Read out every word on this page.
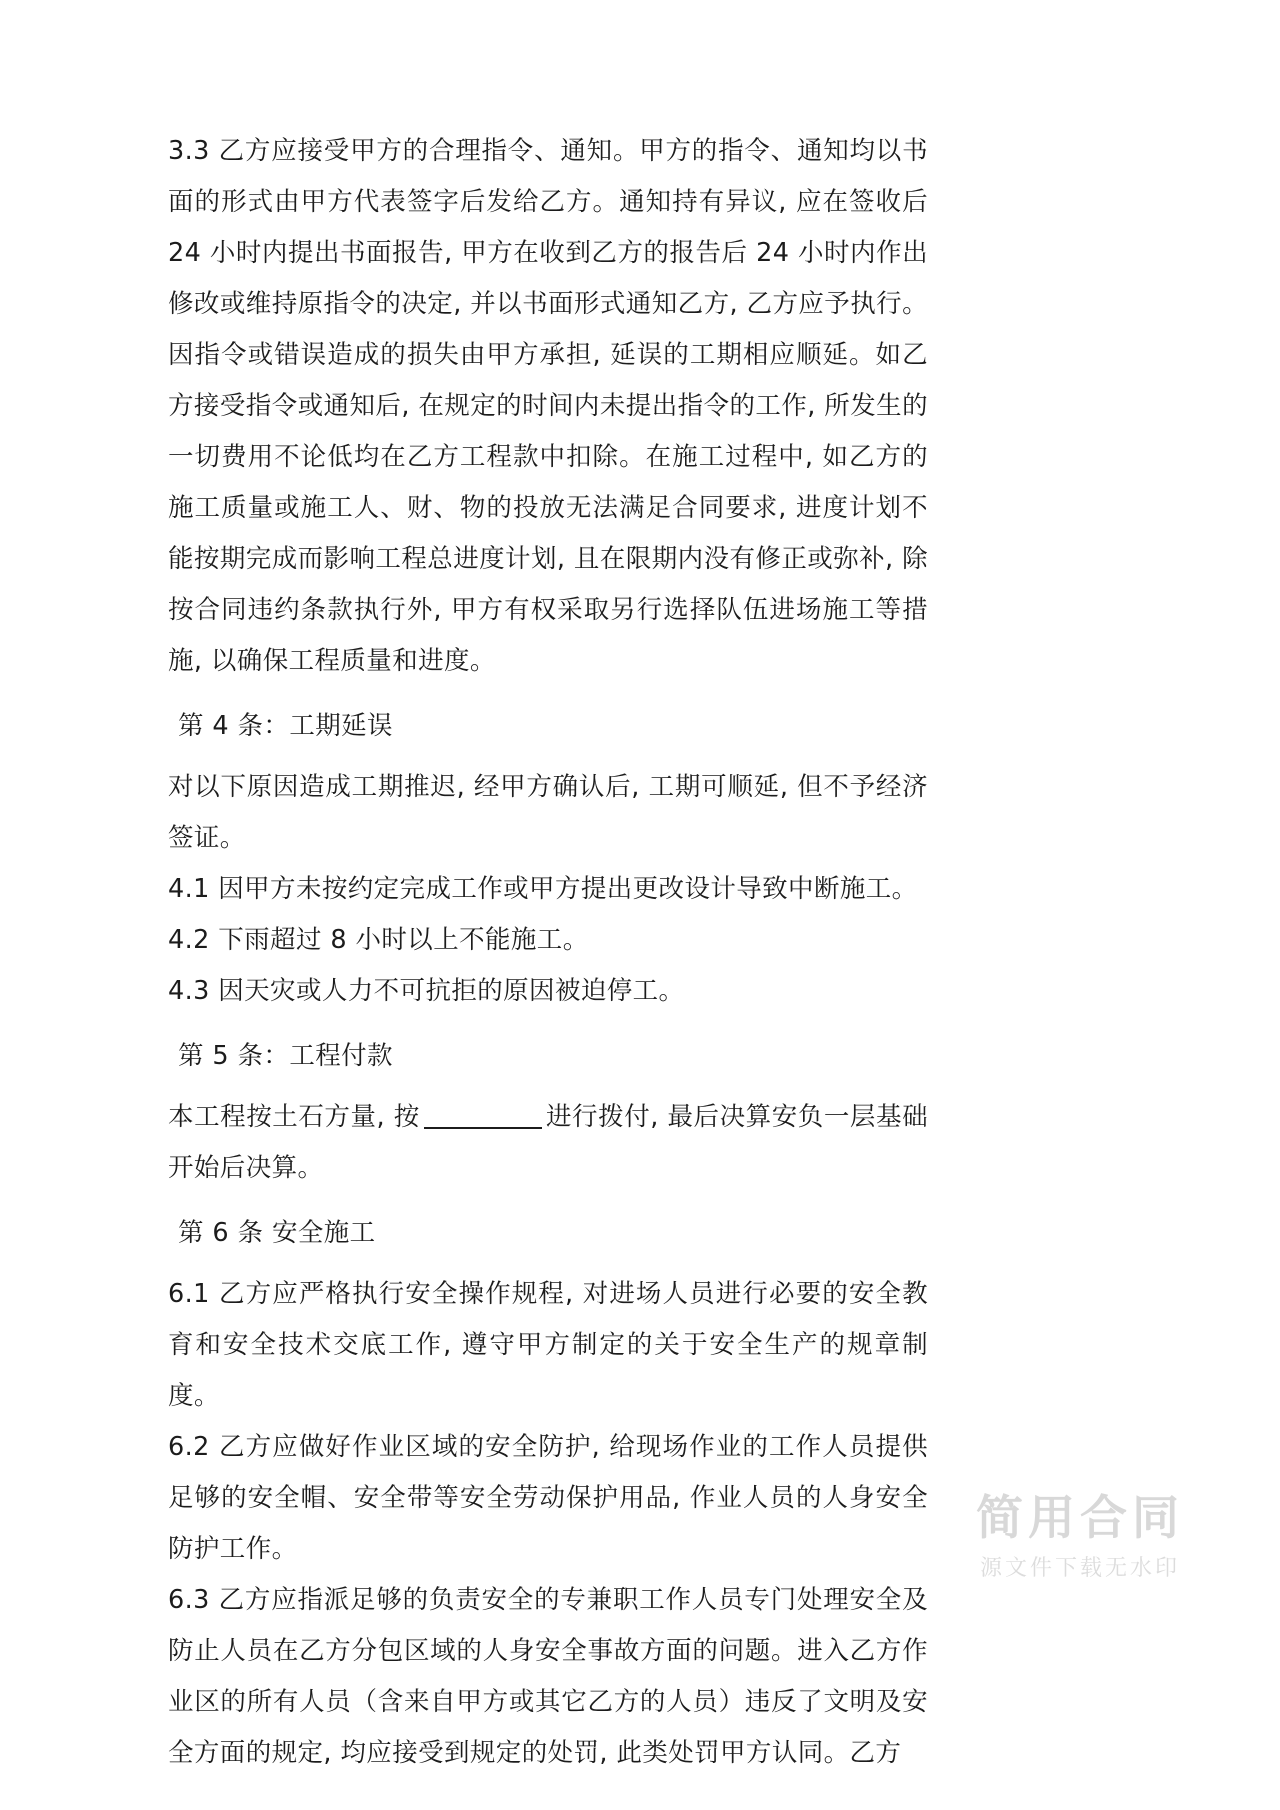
3.3 乙方应接受甲方的合理指令、通知。甲方的指令、通知均以书面的形式由甲方代表签字后发给乙方。通知持有异议, 应在签收后 24 小时内提出书面报告, 甲方在收到乙方的报告后 24 小时内作出修改或维持原指令的决定, 并以书面形式通知乙方, 乙方应予执行。因指令或错误造成的损失由甲方承担, 延误的工期相应顺延。如乙方接受指令或通知后, 在规定的时间内未提出指令的工作, 所发生的一切费用不论低均在乙方工程款中扣除。在施工过程中, 如乙方的施工质量或施工人、财、物的投放无法满足合同要求, 进度计划不能按期完成而影响工程总进度计划, 且在限期内没有修正或弥补, 除按合同违约条款执行外, 甲方有权采取另行选择队伍进场施工等措施, 以确保工程质量和进度。

第 4 条：工期延误

对以下原因造成工期推迟, 经甲方确认后, 工期可顺延, 但不予经济签证。

4.1 因甲方未按约定完成工作或甲方提出更改设计导致中断施工。

4.2 下雨超过 8 小时以上不能施工。

4.3 因天灾或人力不可抗拒的原因被迫停工。

第 5 条：工程付款

本工程按土石方量, 按	进行拨付, 最后决算安负一层基础开始后决算。

第 6 条 安全施工

6.1 乙方应严格执行安全操作规程, 对进场人员进行必要的安全教育和安全技术交底工作, 遵守甲方制定的关于安全生产的规章制度。

6.2 乙方应做好作业区域的安全防护, 给现场作业的工作人员提供足够的安全帽、安全带等安全劳动保护用品, 作业人员的人身安全防护工作。

6.3 乙方应指派足够的负责安全的专兼职工作人员专门处理安全及防止人员在乙方分包区域的人身安全事故方面的问题。进入乙方作业区的所有人员（含来自甲方或其它乙方的人员）违反了文明及安全方面的规定, 均应接受到规定的处罚, 此类处罚甲方认同。乙方

简用合同
源文件下载无水印
